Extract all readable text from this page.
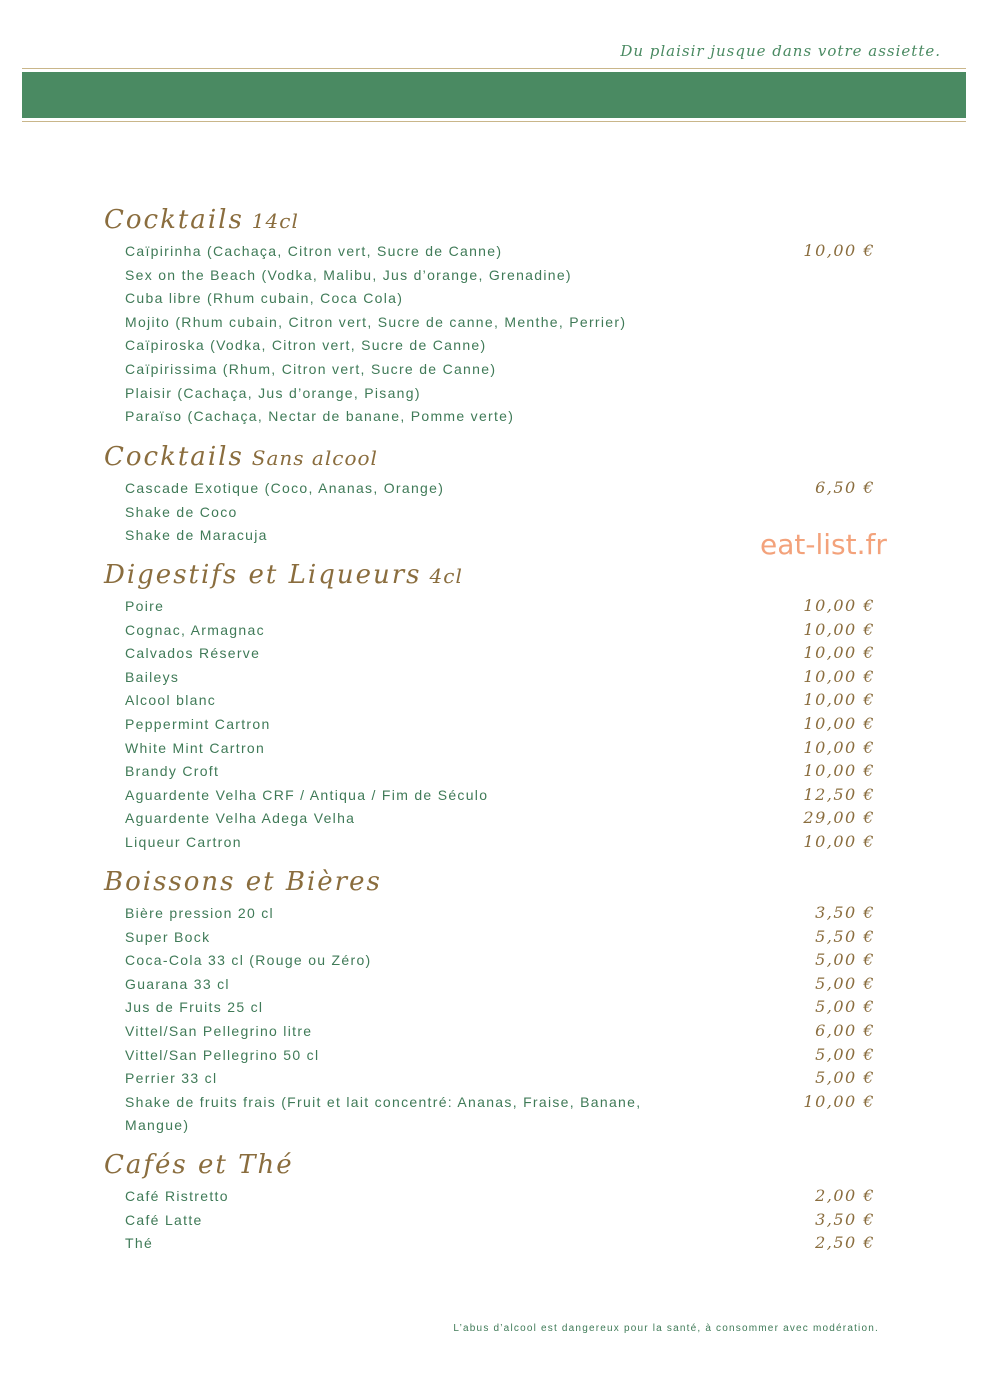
Du plaisir jusque dans votre assiette.
Cocktails 14cl
Caïpirinha (Cachaça, Citron vert, Sucre de Canne)	10,00 €
Sex on the Beach (Vodka, Malibu, Jus d’orange, Grenadine)
Cuba libre (Rhum cubain, Coca Cola)
Mojito (Rhum cubain, Citron vert, Sucre de canne, Menthe, Perrier)
Caïpiroska (Vodka, Citron vert, Sucre de Canne)
Caïpirissima (Rhum, Citron vert, Sucre de Canne)
Plaisir (Cachaça, Jus d’orange, Pisang)
Paraïso (Cachaça, Nectar de banane, Pomme verte)
Cocktails Sans alcool
Cascade Exotique (Coco, Ananas, Orange)	6,50 €
Shake de Coco
Shake de Maracuja
Digestifs et Liqueurs 4cl
Poire	10,00 €
Cognac, Armagnac	10,00 €
Calvados Réserve	10,00 €
Baileys	10,00 €
Alcool blanc	10,00 €
Peppermint Cartron	10,00 €
White Mint Cartron	10,00 €
Brandy Croft	10,00 €
Aguardente Velha CRF / Antiqua / Fim de Século	12,50 €
Aguardente Velha Adega Velha	29,00 €
Liqueur Cartron	10,00 €
Boissons et Bières
Bière pression 20 cl	3,50 €
Super Bock	5,50 €
Coca-Cola 33 cl (Rouge ou Zéro)	5,00 €
Guarana 33 cl	5,00 €
Jus de Fruits 25 cl	5,00 €
Vittel/San Pellegrino litre	6,00 €
Vittel/San Pellegrino 50 cl	5,00 €
Perrier 33 cl	5,00 €
Shake de fruits frais (Fruit et lait concentré: Ananas, Fraise, Banane,	10,00 €
Mangue)
Cafés et Thé
Café Ristretto	2,00 €
Café Latte	3,50 €
Thé	2,50 €
eat-list.fr
L’abus d’alcool est dangereux pour la santé, à consommer avec modération.
